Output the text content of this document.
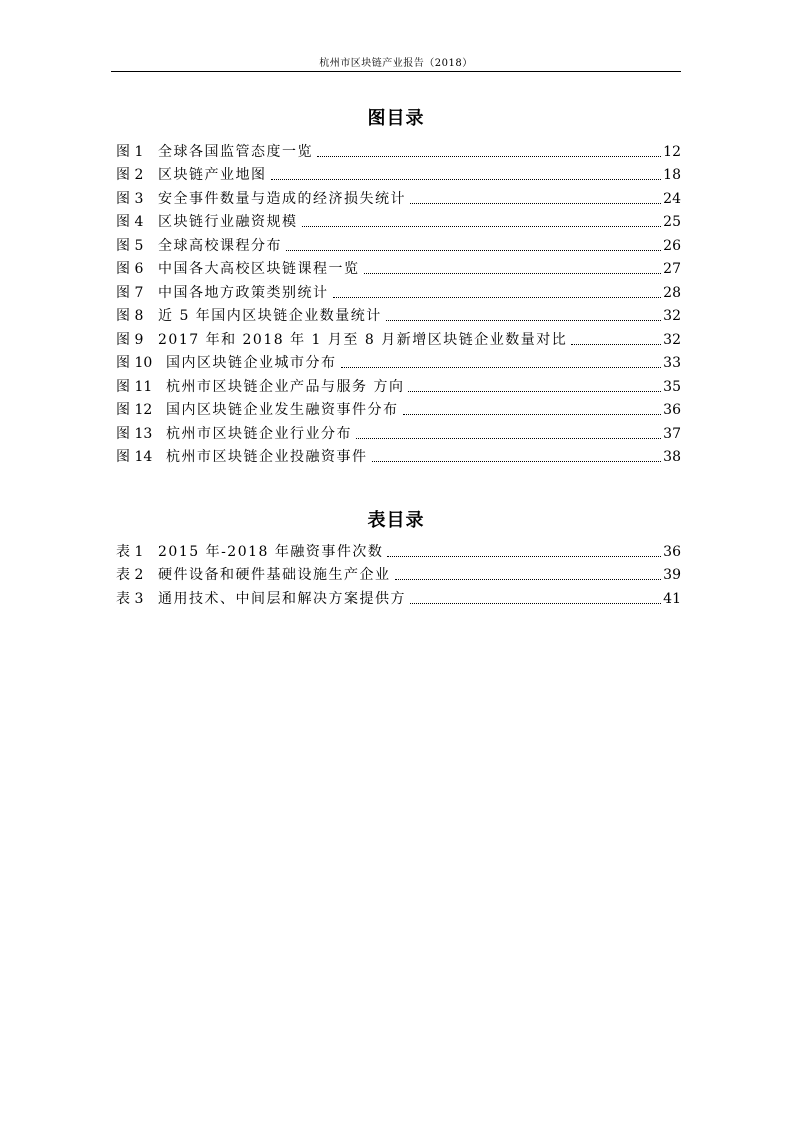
杭州市区块链产业报告（2018）
图目录
图 1	全球各国监管态度一览	12
图 2	区块链产业地图	18
图 3	安全事件数量与造成的经济损失统计	24
图 4	区块链行业融资规模	25
图 5	全球高校课程分布	26
图 6	中国各大高校区块链课程一览	27
图 7	中国各地方政策类别统计	28
图 8	近 5 年国内区块链企业数量统计	32
图 9	2017 年和 2018 年 1 月至 8 月新增区块链企业数量对比	32
图 10 国内区块链企业城市分布	33
图 11 杭州市区块链企业产品与服务 方向	35
图 12 国内区块链企业发生融资事件分布	36
图 13 杭州市区块链企业行业分布	37
图 14 杭州市区块链企业投融资事件	38
表目录
表 1	2015 年-2018 年融资事件次数	36
表 2	硬件设备和硬件基础设施生产企业	39
表 3	通用技术、中间层和解决方案提供方	41
